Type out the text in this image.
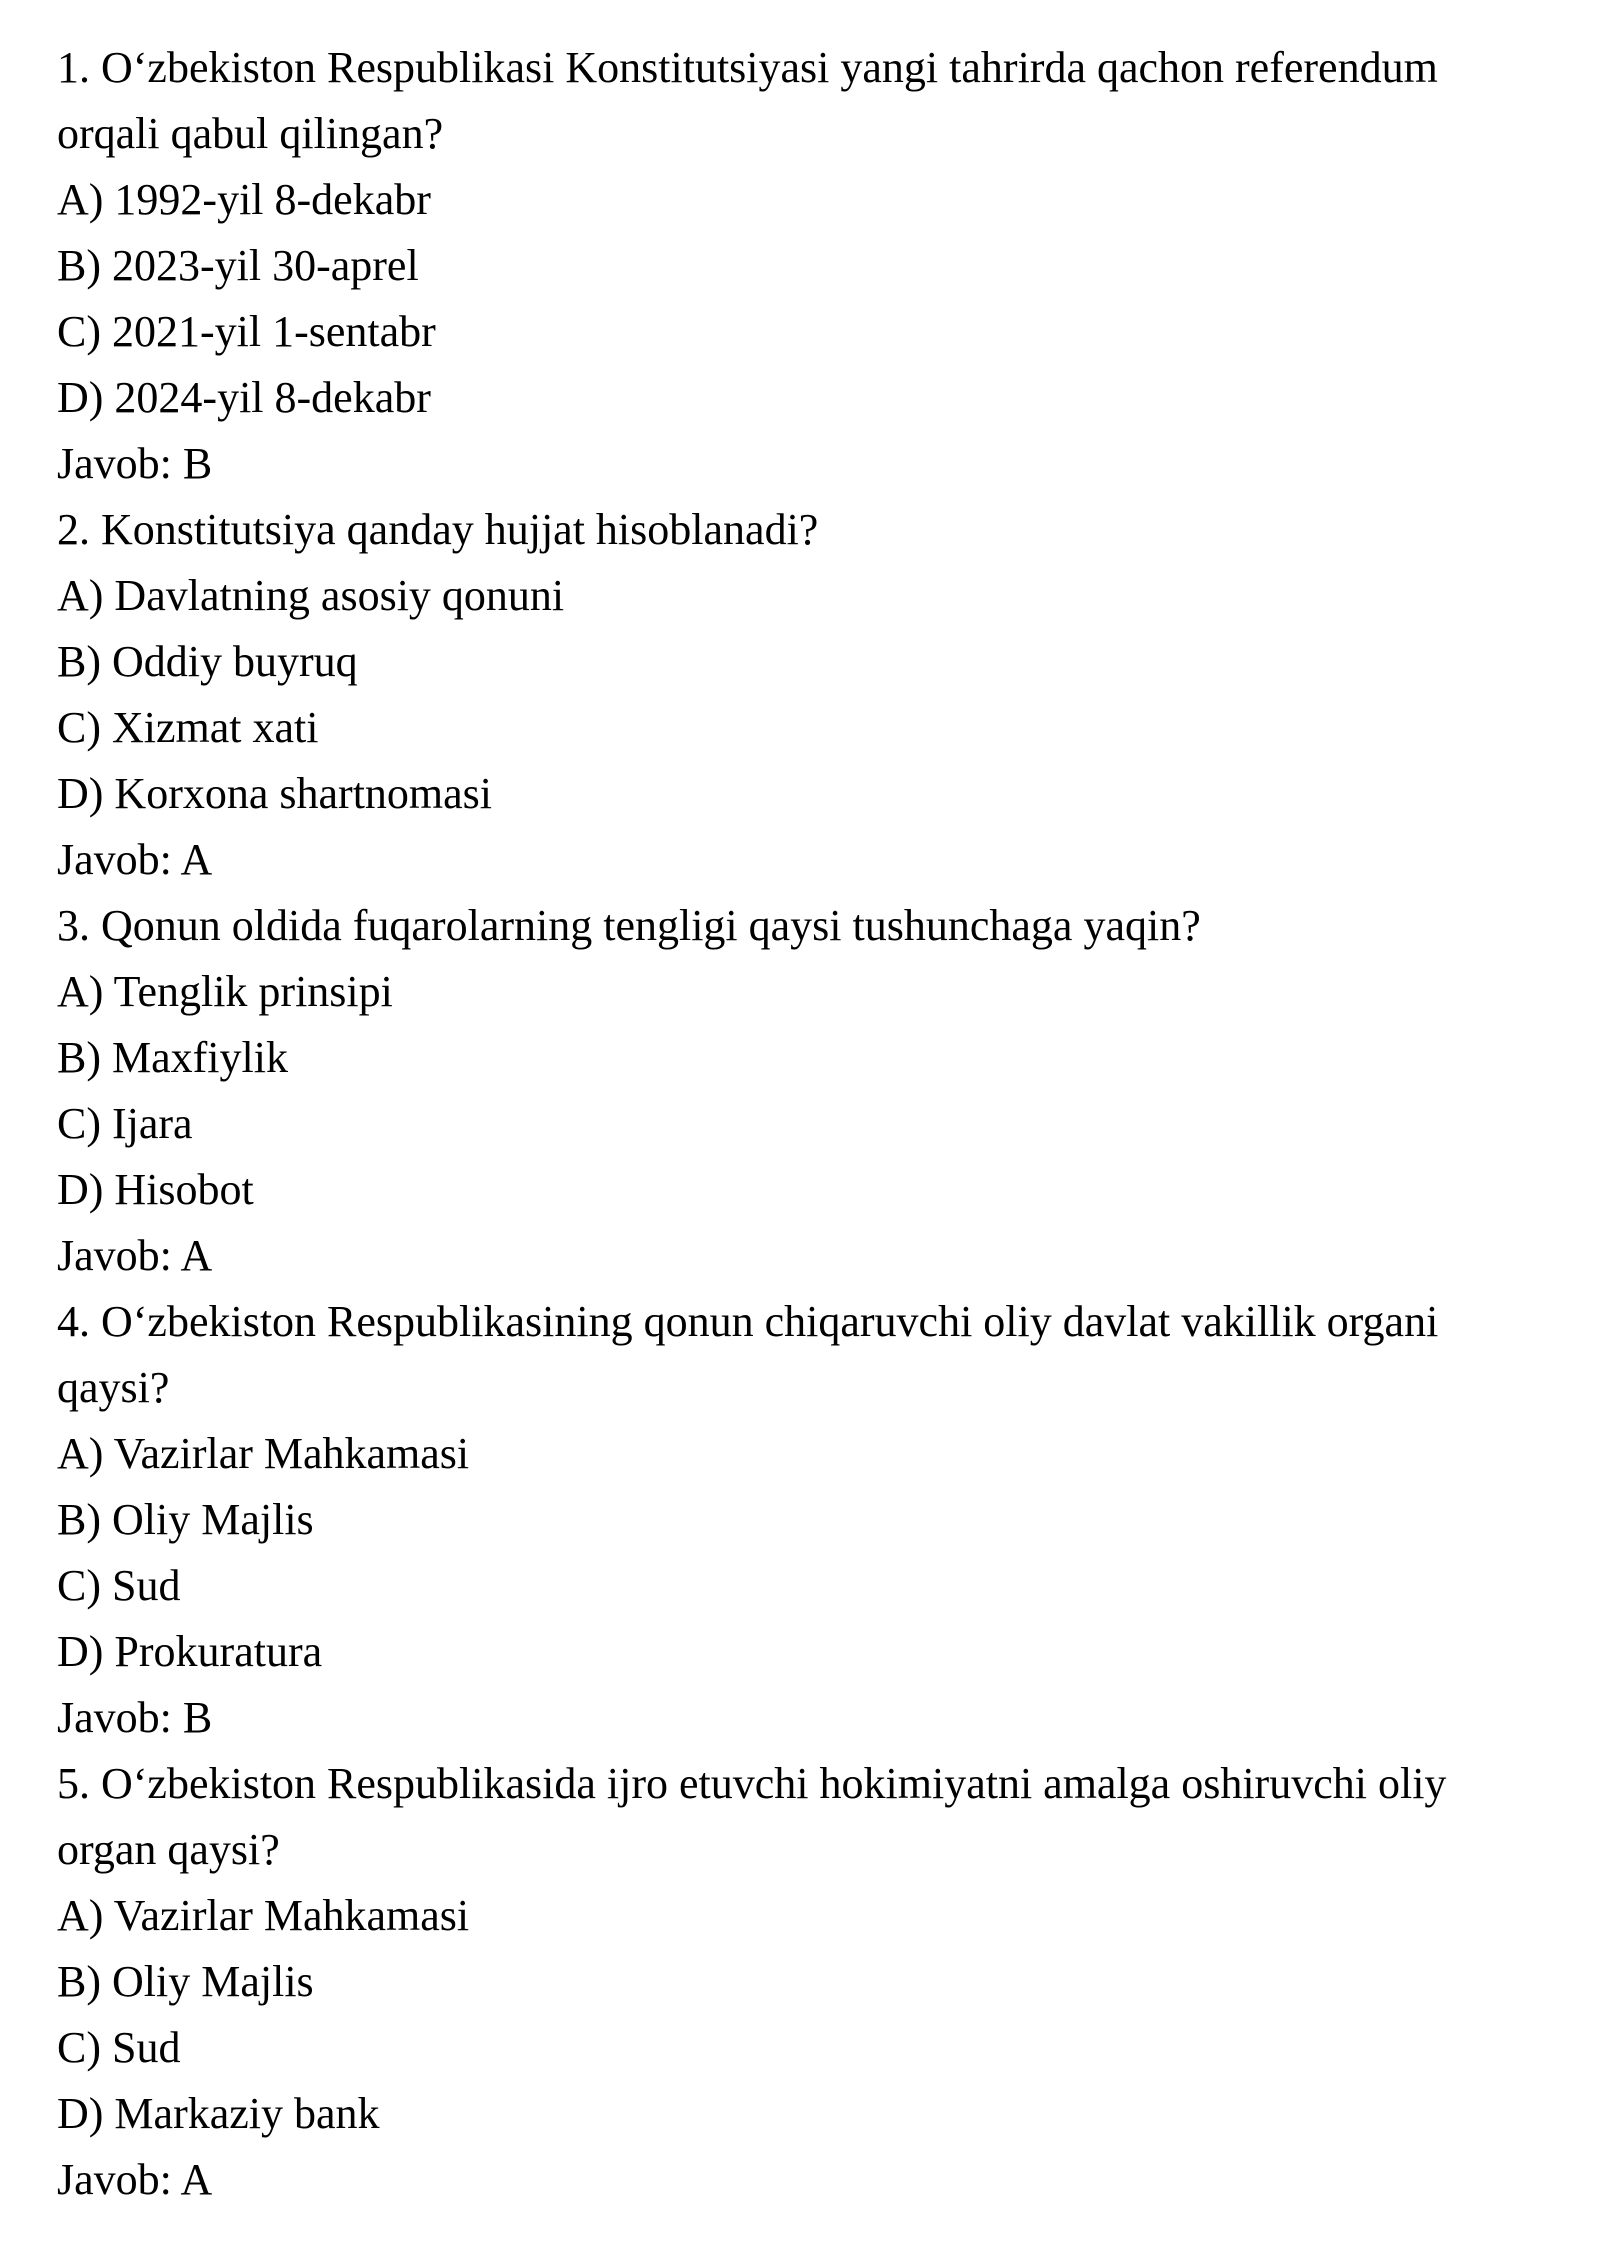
1. O‘zbekiston Respublikasi Konstitutsiyasi yangi tahrirda qachon referendum
orqali qabul qilingan?
A) 1992-yil 8-dekabr
B) 2023-yil 30-aprel
C) 2021-yil 1-sentabr
D) 2024-yil 8-dekabr
Javob: B
2. Konstitutsiya qanday hujjat hisoblanadi?
A) Davlatning asosiy qonuni
B) Oddiy buyruq
C) Xizmat xati
D) Korxona shartnomasi
Javob: A
3. Qonun oldida fuqarolarning tengligi qaysi tushunchaga yaqin?
A) Tenglik prinsipi
B) Maxfiylik
C) Ijara
D) Hisobot
Javob: A
4. O‘zbekiston Respublikasining qonun chiqaruvchi oliy davlat vakillik organi
qaysi?
A) Vazirlar Mahkamasi
B) Oliy Majlis
C) Sud
D) Prokuratura
Javob: B
5. O‘zbekiston Respublikasida ijro etuvchi hokimiyatni amalga oshiruvchi oliy
organ qaysi?
A) Vazirlar Mahkamasi
B) Oliy Majlis
C) Sud
D) Markaziy bank
Javob: A
